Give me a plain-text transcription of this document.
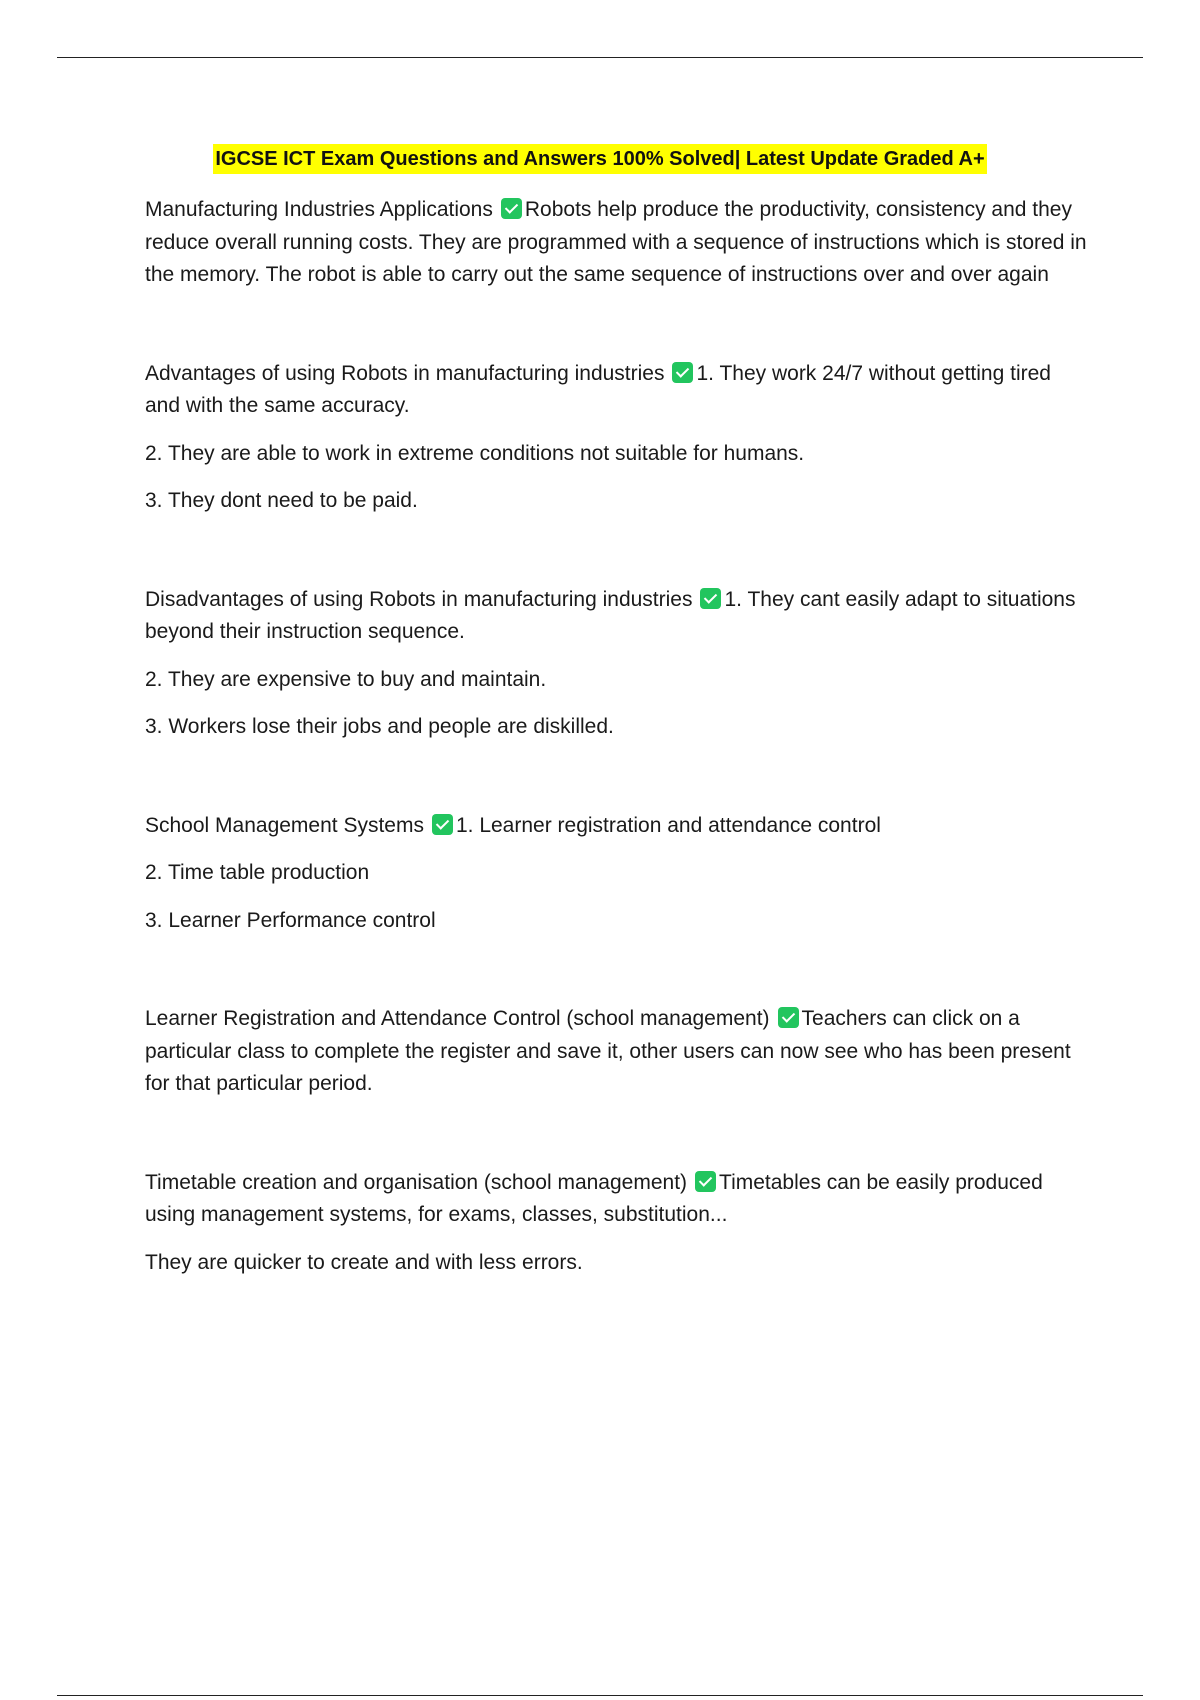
IGCSE ICT Exam Questions and Answers 100% Solved| Latest Update Graded A+

Manufacturing Industries Applications Robots help produce the productivity, consistency and they reduce overall running costs. They are programmed with a sequence of instructions which is stored in the memory. The robot is able to carry out the same sequence of instructions over and over again

Advantages of using Robots in manufacturing industries 1. They work 24/7 without getting tired and with the same accuracy.

2. They are able to work in extreme conditions not suitable for humans.

3. They dont need to be paid.

Disadvantages of using Robots in manufacturing industries 1. They cant easily adapt to situations beyond their instruction sequence.

2. They are expensive to buy and maintain.

3. Workers lose their jobs and people are diskilled.

School Management Systems 1. Learner registration and attendance control

2. Time table production

3. Learner Performance control

Learner Registration and Attendance Control (school management) Teachers can click on a particular class to complete the register and save it, other users can now see who has been present for that particular period.

Timetable creation and organisation (school management) Timetables can be easily produced using management systems, for exams, classes, substitution...

They are quicker to create and with less errors.
